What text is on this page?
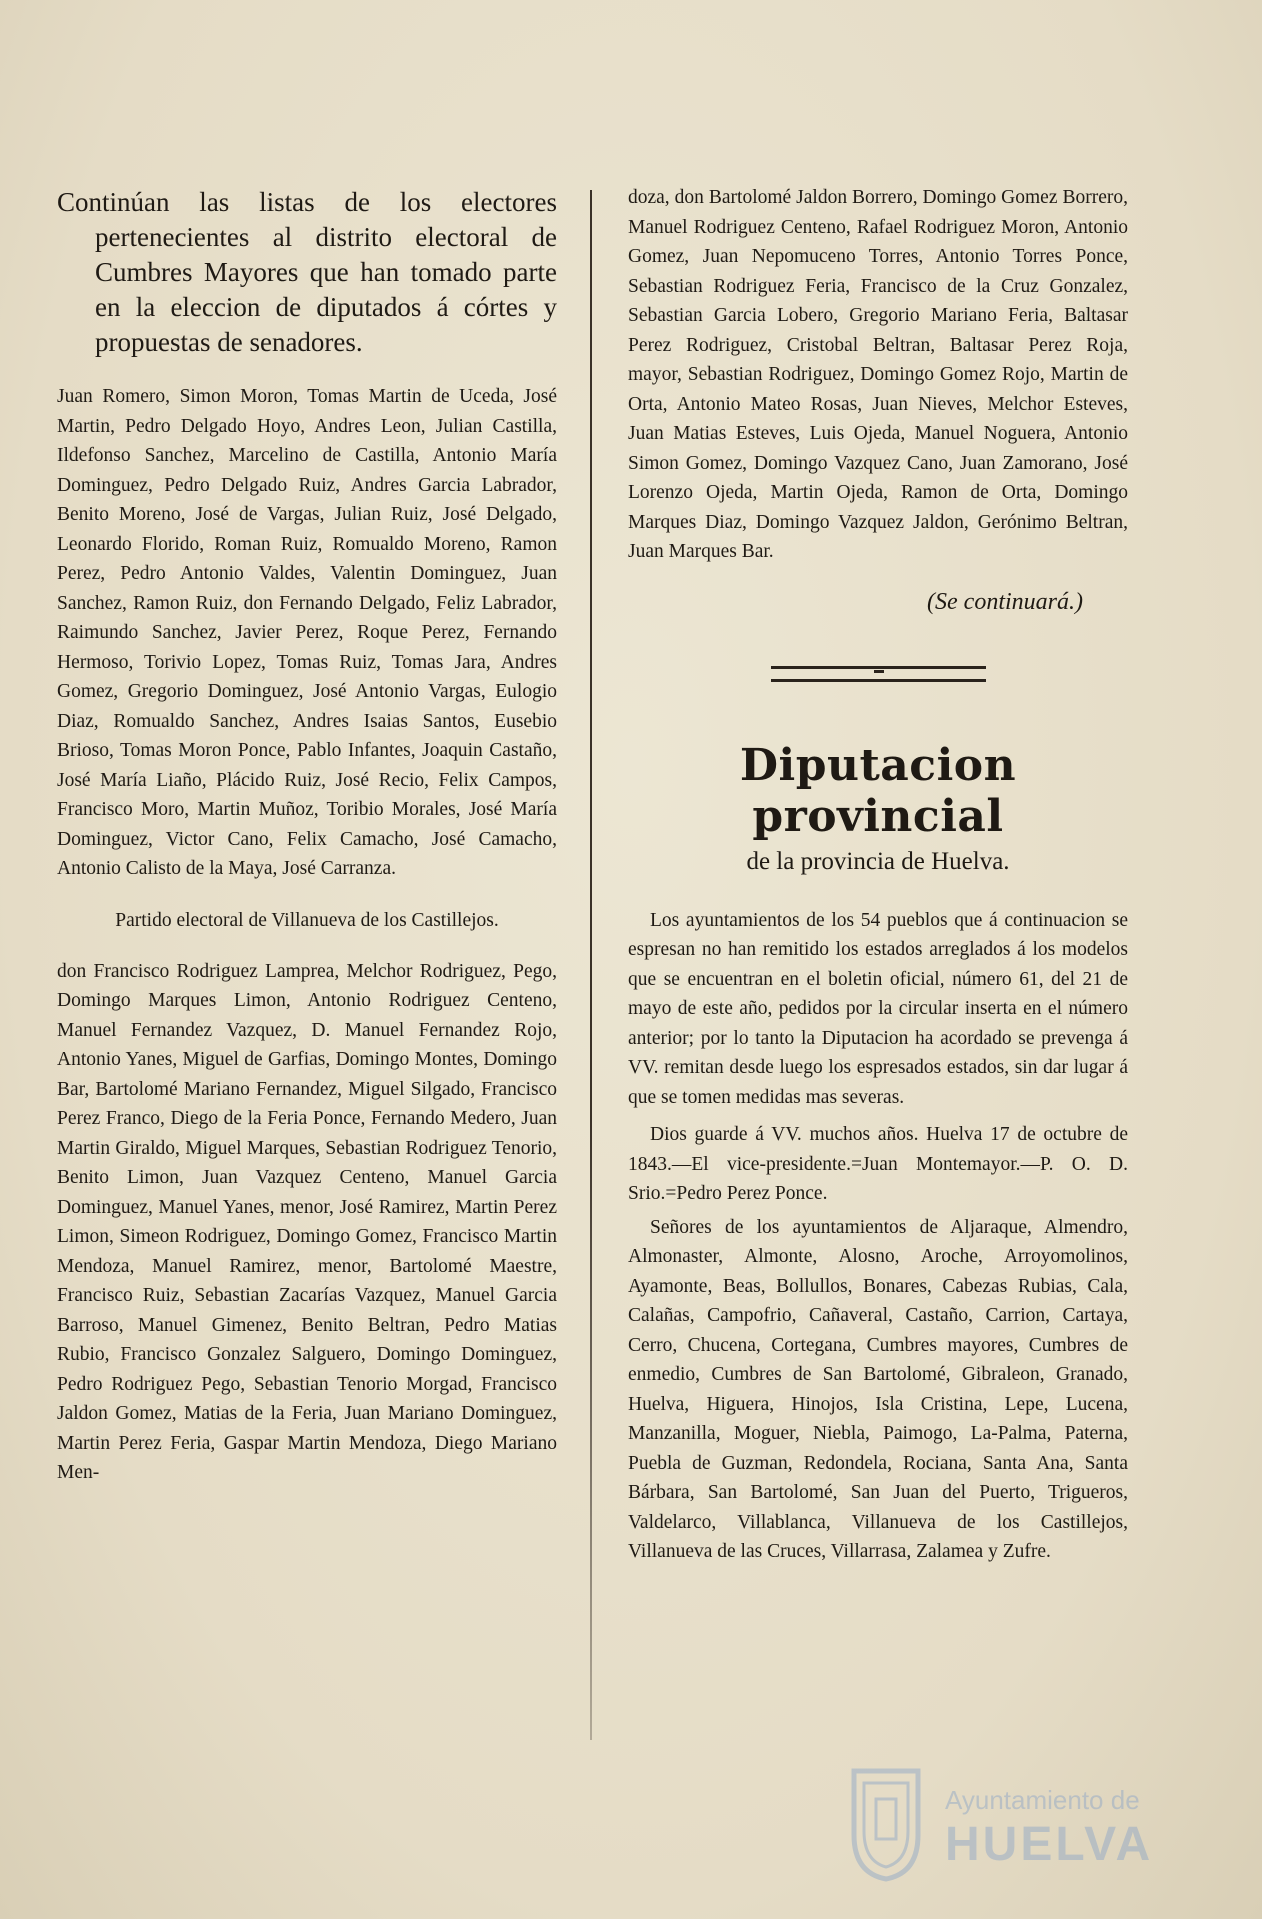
Continúan las listas de los electores pertenecientes al distrito electoral de Cumbres Mayores que han tomado parte en la eleccion de diputados á córtes y propuestas de senadores.

Juan Romero, Simon Moron, Tomas Martin de Uceda, José Martin, Pedro Delgado Hoyo, Andres Leon, Julian Castilla, Ildefonso Sanchez, Marcelino de Castilla, Antonio María Dominguez, Pedro Delgado Ruiz, Andres Garcia Labrador, Benito Moreno, José de Vargas, Julian Ruiz, José Delgado, Leonardo Florido, Roman Ruiz, Romualdo Moreno, Ramon Perez, Pedro Antonio Valdes, Valentin Dominguez, Juan Sanchez, Ramon Ruiz, don Fernando Delgado, Feliz Labrador, Raimundo Sanchez, Javier Perez, Roque Perez, Fernando Hermoso, Torivio Lopez, Tomas Ruiz, Tomas Jara, Andres Gomez, Gregorio Dominguez, José Antonio Vargas, Eulogio Diaz, Romualdo Sanchez, Andres Isaias Santos, Eusebio Brioso, Tomas Moron Ponce, Pablo Infantes, Joaquin Castaño, José María Liaño, Plácido Ruiz, José Recio, Felix Campos, Francisco Moro, Martin Muñoz, Toribio Morales, José María Dominguez, Victor Cano, Felix Camacho, José Camacho, Antonio Calisto de la Maya, José Carranza.

Partido electoral de Villanueva de los Castillejos.

don Francisco Rodriguez Lamprea, Melchor Rodriguez, Pego, Domingo Marques Limon, Antonio Rodriguez Centeno, Manuel Fernandez Vazquez, D. Manuel Fernandez Rojo, Antonio Yanes, Miguel de Garfias, Domingo Montes, Domingo Bar, Bartolomé Mariano Fernandez, Miguel Silgado, Francisco Perez Franco, Diego de la Feria Ponce, Fernando Medero, Juan Martin Giraldo, Miguel Marques, Sebastian Rodriguez Tenorio, Benito Limon, Juan Vazquez Centeno, Manuel Garcia Dominguez, Manuel Yanes, menor, José Ramirez, Martin Perez Limon, Simeon Rodriguez, Domingo Gomez, Francisco Martin Mendoza, Manuel Ramirez, menor, Bartolomé Maestre, Francisco Ruiz, Sebastian Zacarías Vazquez, Manuel Garcia Barroso, Manuel Gimenez, Benito Beltran, Pedro Matias Rubio, Francisco Gonzalez Salguero, Domingo Dominguez, Pedro Rodriguez Pego, Sebastian Tenorio Morgad, Francisco Jaldon Gomez, Matias de la Feria, Juan Mariano Dominguez, Martin Perez Feria, Gaspar Martin Mendoza, Diego Mariano Men-

doza, don Bartolomé Jaldon Borrero, Domingo Gomez Borrero, Manuel Rodriguez Centeno, Rafael Rodriguez Moron, Antonio Gomez, Juan Nepomuceno Torres, Antonio Torres Ponce, Sebastian Rodriguez Feria, Francisco de la Cruz Gonzalez, Sebastian Garcia Lobero, Gregorio Mariano Feria, Baltasar Perez Rodriguez, Cristobal Beltran, Baltasar Perez Roja, mayor, Sebastian Rodriguez, Domingo Gomez Rojo, Martin de Orta, Antonio Mateo Rosas, Juan Nieves, Melchor Esteves, Juan Matias Esteves, Luis Ojeda, Manuel Noguera, Antonio Simon Gomez, Domingo Vazquez Cano, Juan Zamorano, José Lorenzo Ojeda, Martin Ojeda, Ramon de Orta, Domingo Marques Diaz, Domingo Vazquez Jaldon, Gerónimo Beltran, Juan Marques Bar.

(Se continuará.)

Diputacion provincial

de la provincia de Huelva.

Los ayuntamientos de los 54 pueblos que á continuacion se espresan no han remitido los estados arreglados á los modelos que se encuentran en el boletin oficial, número 61, del 21 de mayo de este año, pedidos por la circular inserta en el número anterior; por lo tanto la Diputacion ha acordado se prevenga á VV. remitan desde luego los espresados estados, sin dar lugar á que se tomen medidas mas severas.

Dios guarde á VV. muchos años. Huelva 17 de octubre de 1843.—El vice-presidente.=Juan Montemayor.—P. O. D. Srio.=Pedro Perez Ponce.

Señores de los ayuntamientos de Aljaraque, Almendro, Almonaster, Almonte, Alosno, Aroche, Arroyomolinos, Ayamonte, Beas, Bollullos, Bonares, Cabezas Rubias, Cala, Calañas, Campofrio, Cañaveral, Castaño, Carrion, Cartaya, Cerro, Chucena, Cortegana, Cumbres mayores, Cumbres de enmedio, Cumbres de San Bartolomé, Gibraleon, Granado, Huelva, Higuera, Hinojos, Isla Cristina, Lepe, Lucena, Manzanilla, Moguer, Niebla, Paimogo, La-Palma, Paterna, Puebla de Guzman, Redondela, Rociana, Santa Ana, Santa Bárbara, San Bartolomé, San Juan del Puerto, Trigueros, Valdelarco, Villablanca, Villanueva de los Castillejos, Villanueva de las Cruces, Villarrasa, Zalamea y Zufre.

Ayuntamiento de
HUELVA
